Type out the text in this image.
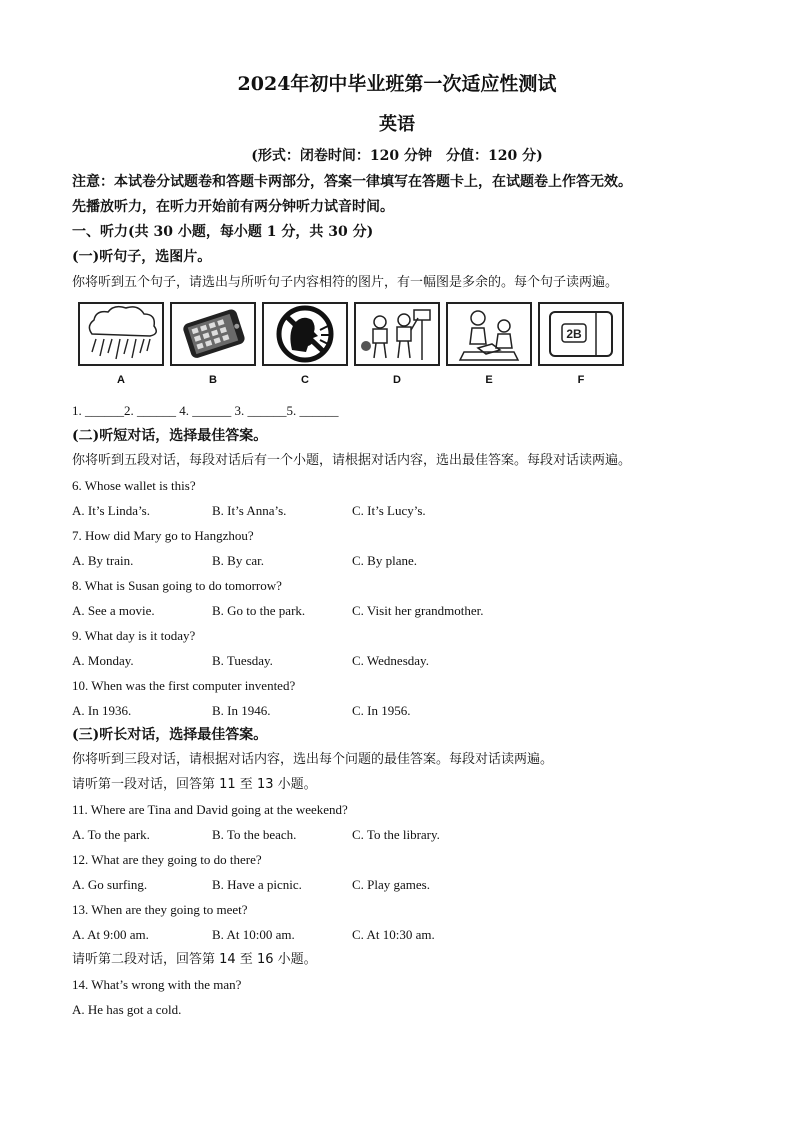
2024年初中毕业班第一次适应性测试
英语
(形式：闭卷时间：120 分钟　分值：120 分)
注意：本试卷分试题卷和答题卡两部分，答案一律填写在答题卡上，在试题卷上作答无效。
先播放听力，在听力开始前有两分钟听力试音时间。
一、听力(共 30 小题，每小题 1 分，共 30 分)
(一)听句子，选图片。
你将听到五个句子，请选出与所听句子内容相符的图片，有一幅图是多余的。每个句子读两遍。
A	B	C	D	E
2B
F
1. ______2. ______ 4. ______ 3. ______5. ______
(二)听短对话，选择最佳答案。
你将听到五段对话，每段对话后有一个小题，请根据对话内容，选出最佳答案。每段对话读两遍。
6. Whose wallet is this?
A. It’s Linda’s.	B. It’s Anna’s.	C. It’s Lucy’s.
7. How did Mary go to Hangzhou?
A. By train.	B. By car.	C. By plane.
8. What is Susan going to do tomorrow?
A. See a movie.	B. Go to the park.	C. Visit her grandmother.
9. What day is it today?
A. Monday.	B. Tuesday.	C. Wednesday.
10. When was the first computer invented?
A. In 1936.	B. In 1946.	C. In 1956.
(三)听长对话，选择最佳答案。
你将听到三段对话，请根据对话内容，选出每个问题的最佳答案。每段对话读两遍。
请听第一段对话，回答第 11 至 13 小题。
11. Where are Tina and David going at the weekend?
A. To the park.	B. To the beach.	C. To the library.
12. What are they going to do there?
A. Go surfing.	B. Have a picnic.	C. Play games.
13. When are they going to meet?
A. At 9:00 am.	B. At 10:00 am.	C. At 10:30 am.
请听第二段对话，回答第 14 至 16 小题。
14. What’s wrong with the man?
A. He has got a cold.
